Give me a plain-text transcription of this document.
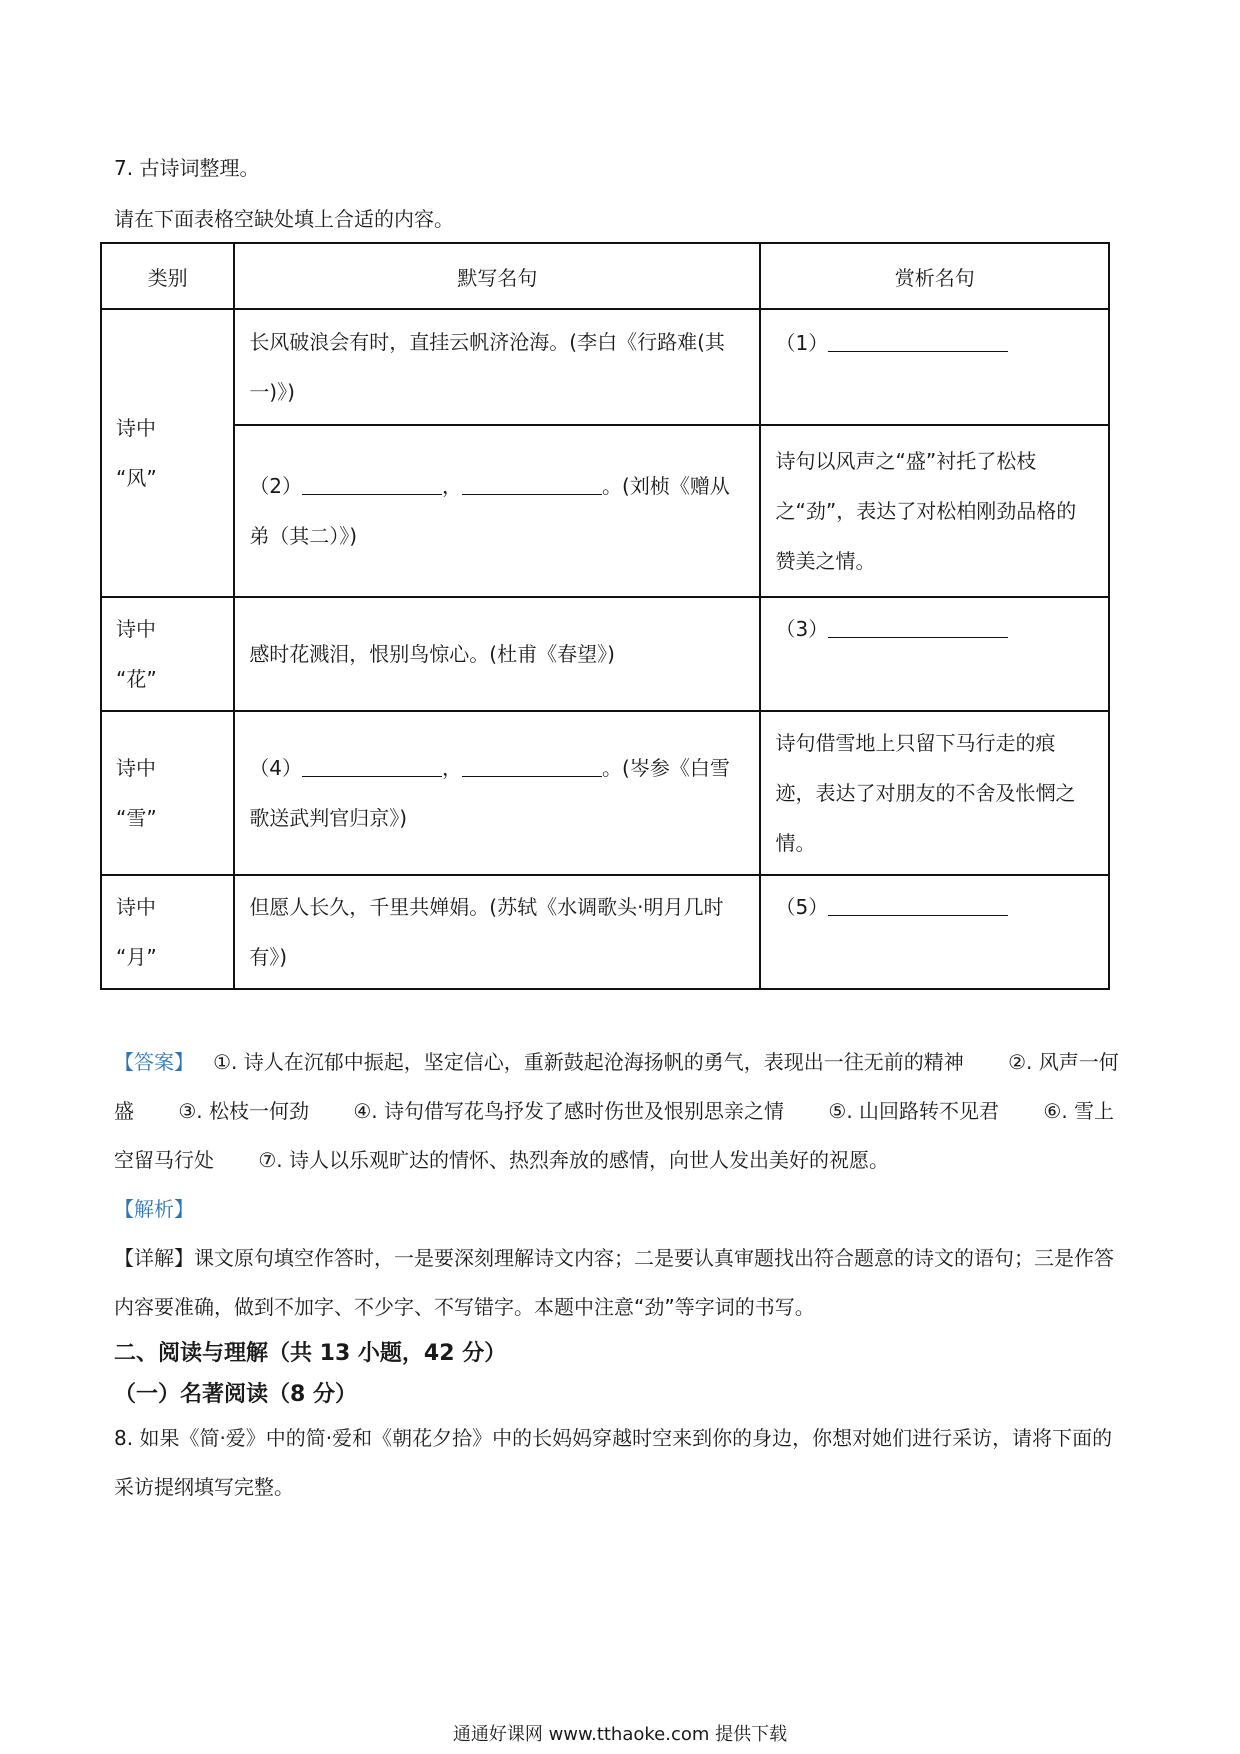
7. 古诗词整理。
请在下面表格空缺处填上合适的内容。
类别	默写名句	赏析名句

诗中
“风”	长风破浪会有时，直挂云帆济沧海。(李白《行路难(其一)》)	（1）
	（2） ， 。(刘桢《赠从弟（其二）》)	诗句以风声之“盛”衬托了松枝之“劲”，表达了对松柏刚劲品格的赞美之情。

诗中
“花”	感时花溅泪，恨别鸟惊心。(杜甫《春望》)	（3）

诗中
“雪”	（4） ， 。(岑参《白雪歌送武判官归京》)	诗句借雪地上只留下马行走的痕迹，表达了对朋友的不舍及怅惘之情。

诗中
“月”	但愿人长久，千里共婵娟。(苏轼《水调歌头·明月几时有》)	（5）
【答案】 ①. 诗人在沉郁中振起，坚定信心，重新鼓起沧海扬帆的勇气，表现出一往无前的精神 ②. 风声一何盛 ③. 松枝一何劲 ④. 诗句借写花鸟抒发了感时伤世及恨别思亲之情 ⑤. 山回路转不见君 ⑥. 雪上空留马行处 ⑦. 诗人以乐观旷达的情怀、热烈奔放的感情，向世人发出美好的祝愿。
【解析】
【详解】课文原句填空作答时，一是要深刻理解诗文内容；二是要认真审题找出符合题意的诗文的语句；三是作答内容要准确，做到不加字、不少字、不写错字。本题中注意“劲”等字词的书写。
二、阅读与理解（共 13 小题，42 分）
（一）名著阅读（8 分）
8. 如果《简·爱》中的简·爱和《朝花夕拾》中的长妈妈穿越时空来到你的身边，你想对她们进行采访，请将下面的采访提纲填写完整。
通通好课网 www.tthaoke.com 提供下载
